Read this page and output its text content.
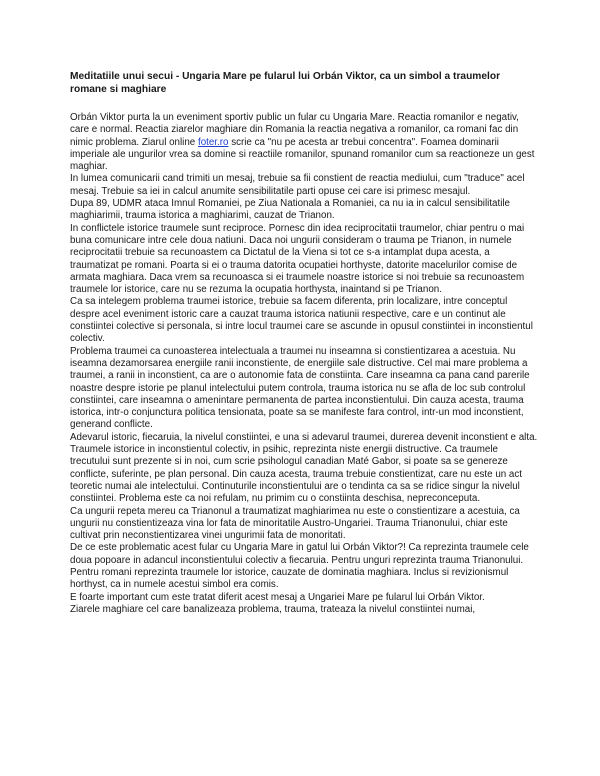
Meditatiile unui secui - Ungaria Mare pe fularul lui Orbán Viktor, ca un simbol a traumelor romane si maghiare

Orbán Viktor purta la un eveniment sportiv public un fular cu Ungaria Mare. Reactia romanilor e negativ, care e normal. Reactia ziarelor maghiare din Romania la reactia negativa a romanilor, ca romani fac din nimic problema. Ziarul online foter.ro scrie ca "nu pe acesta ar trebui concentra". Foamea dominarii imperiale ale ungurilor vrea sa domine si reactiile romanilor, spunand romanilor cum sa reactioneze un gest maghiar.

In lumea comunicarii cand trimiti un mesaj, trebuie sa fii constient de reactia mediului, cum "traduce" acel mesaj. Trebuie sa iei in calcul anumite sensibilitatile parti opuse cei care isi primesc mesajul.

Dupa 89, UDMR ataca Imnul Romaniei, pe Ziua Nationala a Romaniei, ca nu ia in calcul sensibilitatile maghiarimii, trauma istorica a maghiarimi, cauzat de Trianon.

In conflictele istorice traumele sunt reciproce. Pornesc din idea reciprocitatii traumelor, chiar pentru o mai buna comunicare intre cele doua natiuni. Daca noi ungurii consideram o trauma pe Trianon, in numele reciprocitatii trebuie sa recunoastem ca Dictatul de la Viena si tot ce s-a intamplat dupa acesta, a traumatizat pe romani. Poarta si ei o trauma datorita ocupatiei horthyste, datorite macelurilor comise de armata maghiara. Daca vrem sa recunoasca si ei traumele noastre istorice si noi trebuie sa recunoastem traumele lor istorice, care nu se rezuma la ocupatia horthysta, inaintand si pe Trianon.

Ca sa intelegem problema traumei istorice, trebuie sa facem diferenta, prin localizare, intre conceptul desprе acel eveniment istoric care a cauzat trauma istorica natiunii respective, care e un continut ale constiintei colective si personala, si intre locul traumei care se ascunde in opusul constiintei in inconstientul colectiv.

Problema traumei ca cunoasterea intelectuala a traumei nu inseamna si constientizarea a acestuia. Nu iseamna dezamorsarea energiile ranii inconstiente, de energiile sale distructive. Cel mai mare problema a traumei, a ranii in inconstient, ca are o autonomie fata de constiinta. Care inseamna ca pana cand parerile noastre despre istorie pe planul intelectului putem controla, trauma istorica nu se afla de loc sub controlul constiintei, care inseamna o amenintare permanenta de partea inconstientului. Din cauza acesta, trauma istorica, intr-o conjunctura politica tensionata, poate sa se manifeste fara control, intr-un mod inconstient, generand conflicte.

Adevarul istoric, fiecaruia, la nivelul constiintei, e una si adevarul traumei, durerea devenit inconstient e alta. Traumele istorice in inconstientul colectiv, in psihic, reprezinta niste energii distructive. Ca traumele trecutului sunt prezente si in noi, cum scrie psihologul canadian Maté Gabor, si poate sa se genereze conflicte, suferinte, pe plan personal. Din cauza acesta, trauma trebuie constientizat, care nu este un act teoretic numai ale intelectului. Continuturile inconstientului are o tendinta ca sa se ridice singur la nivelul constiintei. Problema este ca noi refulam, nu primim cu o constiinta deschisa, nepreconceputa.

Ca ungurii repeta mereu ca Trianonul a traumatizat maghiarimea nu este o constientizare a acestuia, ca ungurii nu constientizeaza vina lor fata de minoritatile Austro-Ungariei. Trauma Trianonului, chiar este cultivat prin neconstientizarea vinei ungurimii fata de monoritati.

De ce este problematic acest fular cu Ungaria Mare in gatul lui Orbán Viktor?! Ca reprezinta traumele cele doua popoare in adancul inconstientului colectiv a fiecaruia. Pentru unguri reprezinta trauma Trianonului. Pentru romani reprezinta traumele lor istorice, cauzate de dominatia maghiara. Inclus si revizionismul horthyst, ca in numele acestui simbol era comis.

E foarte important cum este tratat diferit acest mesaj a Ungariei Mare pe fularul lui Orbán Viktor.

Ziarele maghiare cel care banalizeaza problema, trauma, trateaza la nivelul constiintei numai,
